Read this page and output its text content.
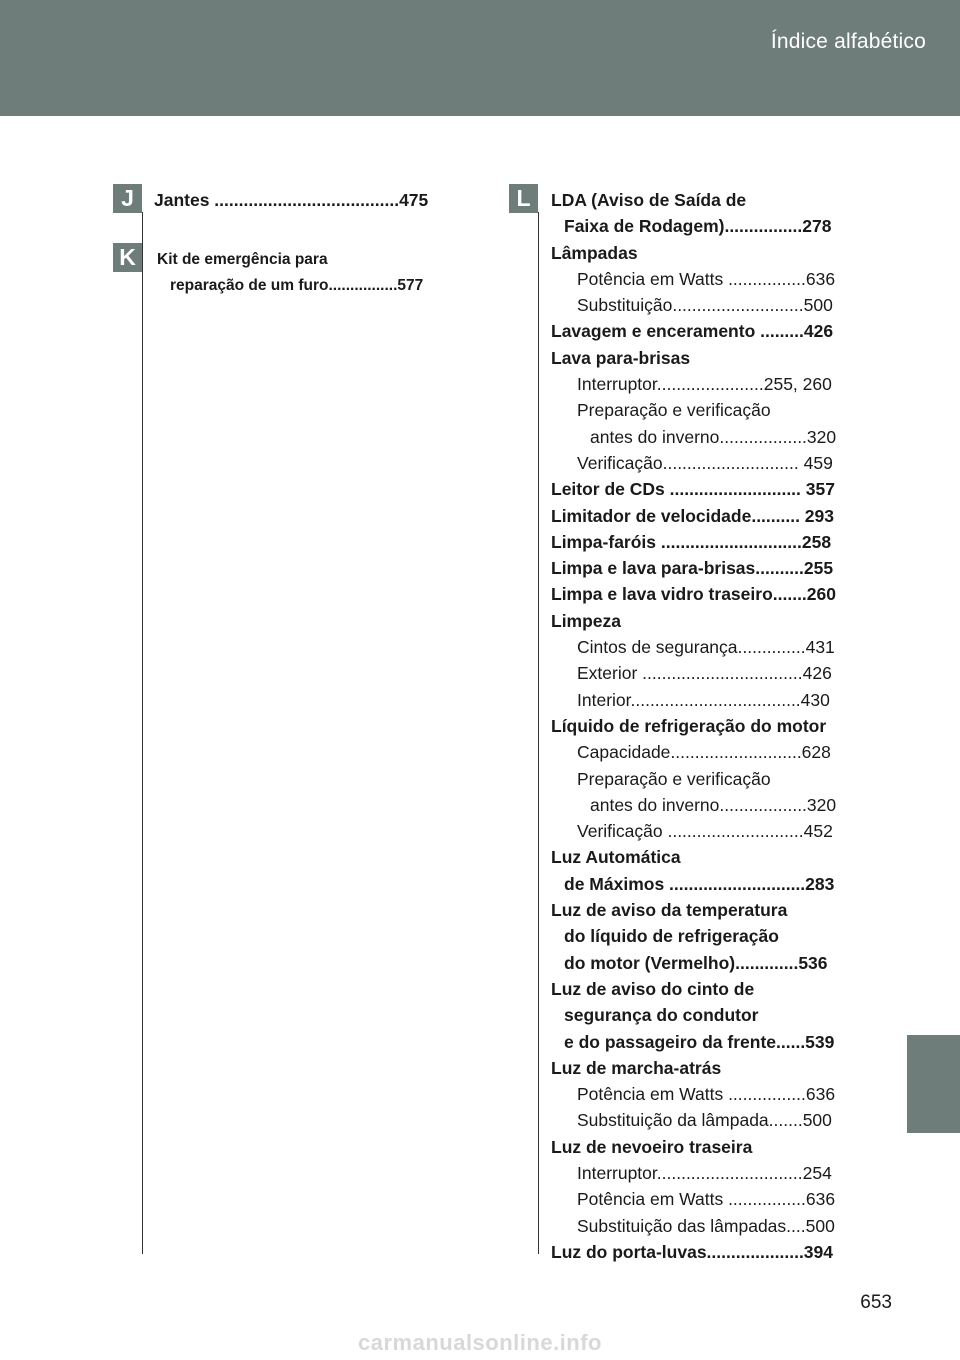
Índice alfabético
J
K
L
Jantes ......................................475
Kit de emergência para
reparação de um furo................577
LDA (Aviso de Saída de
Faixa de Rodagem)................278
Lâmpadas
Potência em Watts ................636
Substituição...........................500
Lavagem e enceramento .........426
Lava para-brisas
Interruptor......................255, 260
Preparação e verificação
antes do inverno..................320
Verificação............................ 459
Leitor de CDs ........................... 357
Limitador de velocidade.......... 293
Limpa-faróis .............................258
Limpa e lava para-brisas..........255
Limpa e lava vidro traseiro.......260
Limpeza
Cintos de segurança..............431
Exterior .................................426
Interior...................................430
Líquido de refrigeração do motor
Capacidade...........................628
Preparação e verificação
antes do inverno..................320
Verificação ............................452
Luz Automática
de Máximos ............................283
Luz de aviso da temperatura
do líquido de refrigeração
do motor (Vermelho).............536
Luz de aviso do cinto de
segurança do condutor
e do passageiro da frente......539
Luz de marcha-atrás
Potência em Watts ................636
Substituição da lâmpada.......500
Luz de nevoeiro traseira
Interruptor..............................254
Potência em Watts ................636
Substituição das lâmpadas....500
Luz do porta-luvas....................394
653
carmanualsonline.info
